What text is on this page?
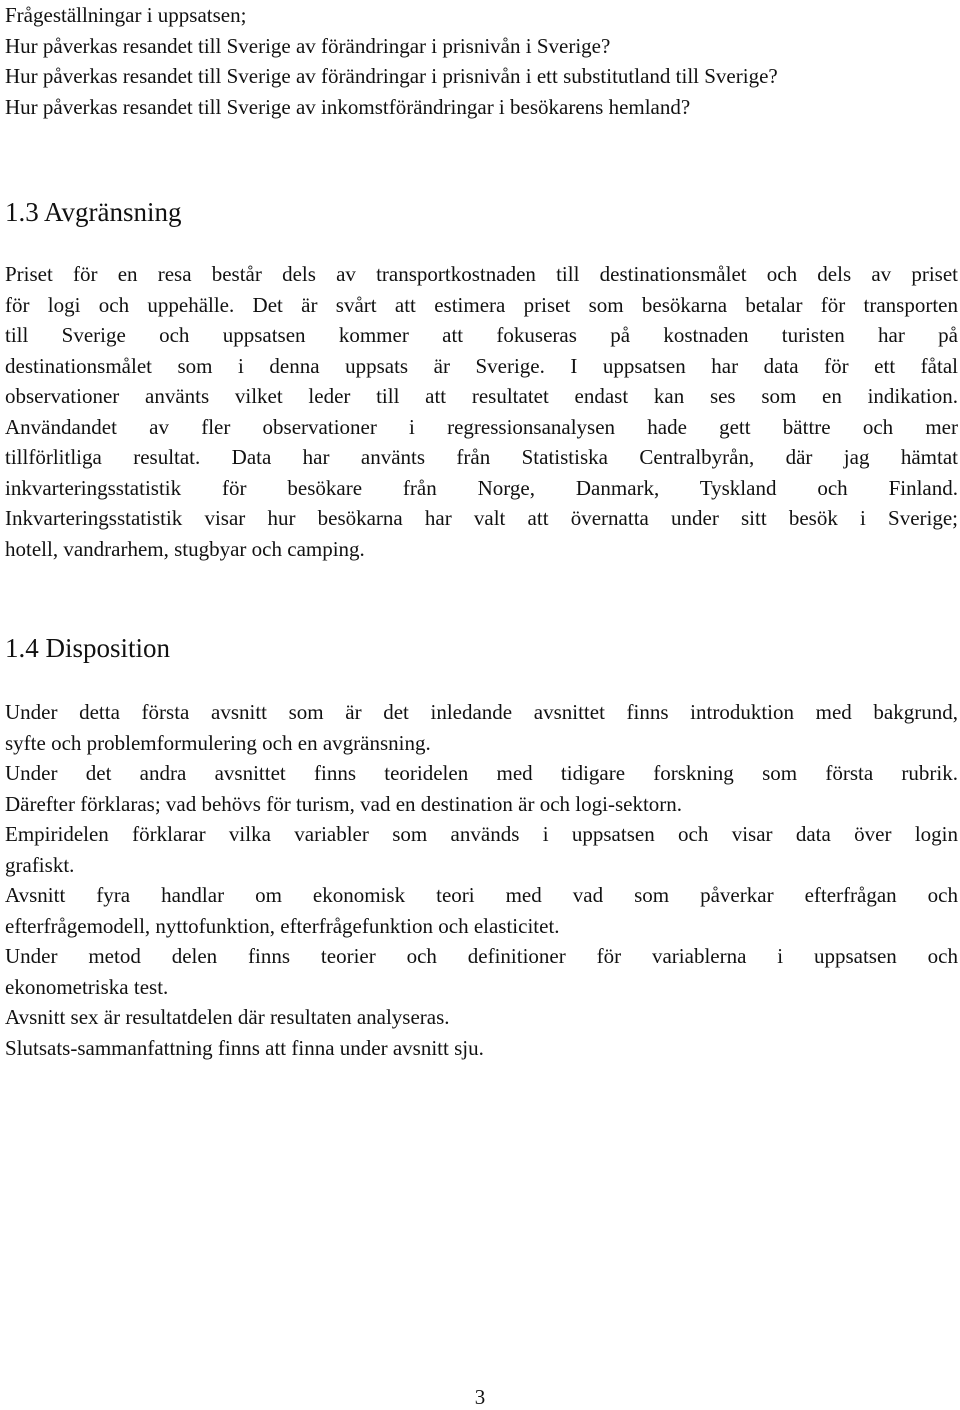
Frågeställningar i uppsatsen;

Hur påverkas resandet till Sverige av förändringar i prisnivån i Sverige?

Hur påverkas resandet till Sverige av förändringar i prisnivån i ett substitutland till Sverige?

Hur påverkas resandet till Sverige av inkomstförändringar i besökarens hemland?

1.3 Avgränsning
Priset för en resa består dels av transportkostnaden till destinationsmålet och dels av priset
för logi och uppehälle. Det är svårt att estimera priset som besökarna betalar för transporten
till Sverige och uppsatsen kommer att fokuseras på kostnaden turisten har på
destinationsmålet som i denna uppsats är Sverige. I uppsatsen har data för ett fåtal
observationer använts vilket leder till att resultatet endast kan ses som en indikation.
Användandet av fler observationer i regressionsanalysen hade gett bättre och mer
tillförlitliga resultat. Data har använts från Statistiska Centralbyrån, där jag hämtat
inkvarteringsstatistik för besökare från Norge, Danmark, Tyskland och Finland.
Inkvarteringsstatistik visar hur besökarna har valt att övernatta under sitt besök i Sverige;
hotell, vandrarhem, stugbyar och camping.
1.4 Disposition
Under detta första avsnitt som är det inledande avsnittet finns introduktion med bakgrund,
syfte och problemformulering och en avgränsning.
Under det andra avsnittet finns teoridelen med tidigare forskning som första rubrik.
Därefter förklaras; vad behövs för turism, vad en destination är och logi-sektorn.
Empiridelen förklarar vilka variabler som används i uppsatsen och visar data över login
grafiskt.
Avsnitt fyra handlar om ekonomisk teori med vad som påverkar efterfrågan och
efterfrågemodell, nyttofunktion, efterfrågefunktion och elasticitet.
Under metod delen finns teorier och definitioner för variablerna i uppsatsen och
ekonometriska test.
Avsnitt sex är resultatdelen där resultaten analyseras.
Slutsats-sammanfattning finns att finna under avsnitt sju.
3
